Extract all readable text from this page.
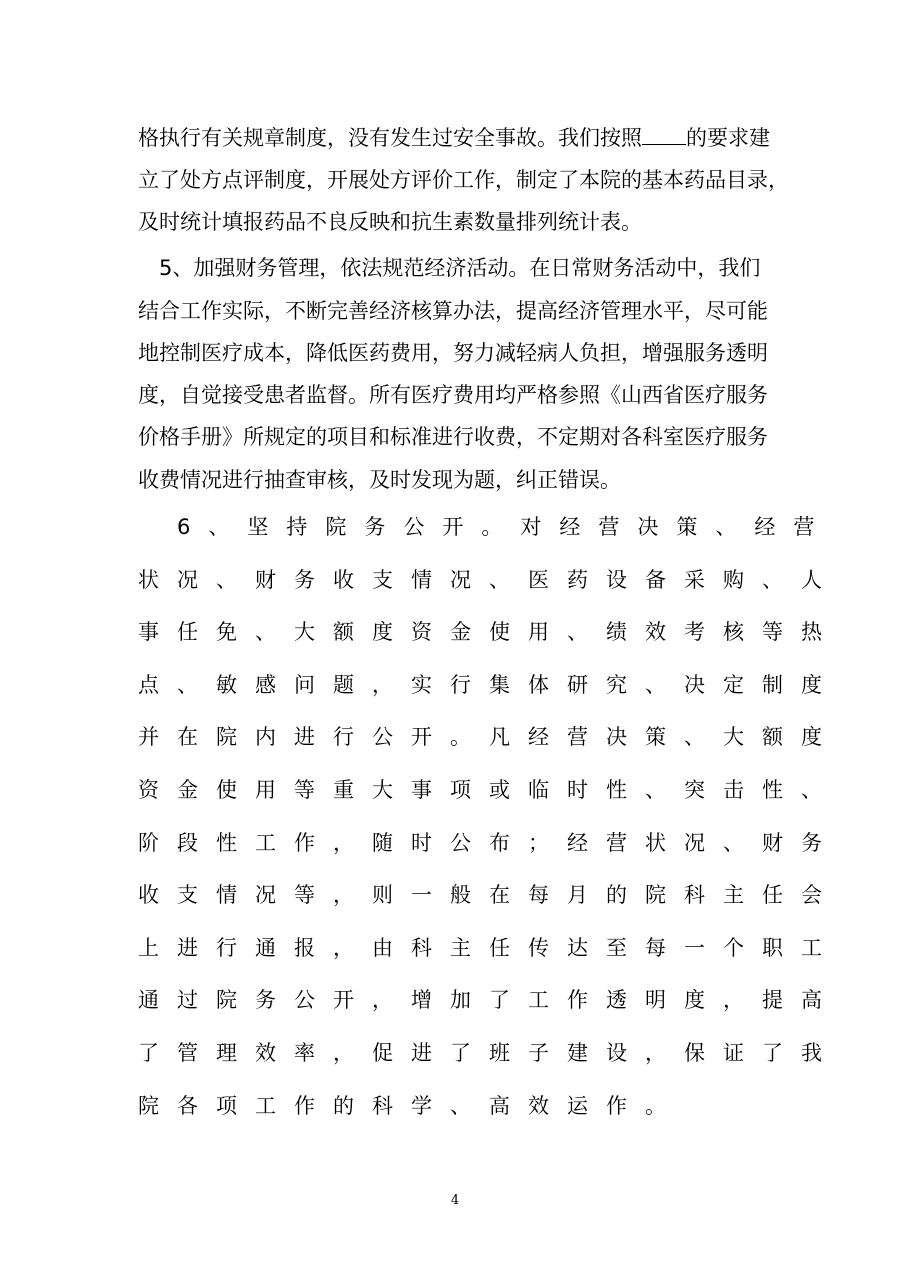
格执行有关规章制度，没有发生过安全事故。我们按照 的要求建
立了处方点评制度，开展处方评价工作，制定了本院的基本药品目录，
及时统计填报药品不良反映和抗生素数量排列统计表。
　5、加强财务管理，依法规范经济活动。在日常财务活动中，我们
结合工作实际，不断完善经济核算办法，提高经济管理水平，尽可能
地控制医疗成本，降低医药费用，努力减轻病人负担，增强服务透明
度，自觉接受患者监督。所有医疗费用均严格参照《山西省医疗服务
价格手册》所规定的项目和标准进行收费，不定期对各科室医疗服务
收费情况进行抽查审核，及时发现为题，纠正错误。
　6、坚持院务公开。对经营决策、经营
状况、财务收支情况、医药设备采购、人
事任免、大额度资金使用、绩效考核等热
点、敏感问题，实行集体研究、决定制度
并在院内进行公开。凡经营决策、大额度
资金使用等重大事项或临时性、突击性、
阶段性工作，随时公布；经营状况、财务
收支情况等，则一般在每月的院科主任会
上进行通报，由科主任传达至每一个职工
通过院务公开，增加了工作透明度，提高
了管理效率，促进了班子建设，保证了我
院各项工作的科学、高效运作。
4
